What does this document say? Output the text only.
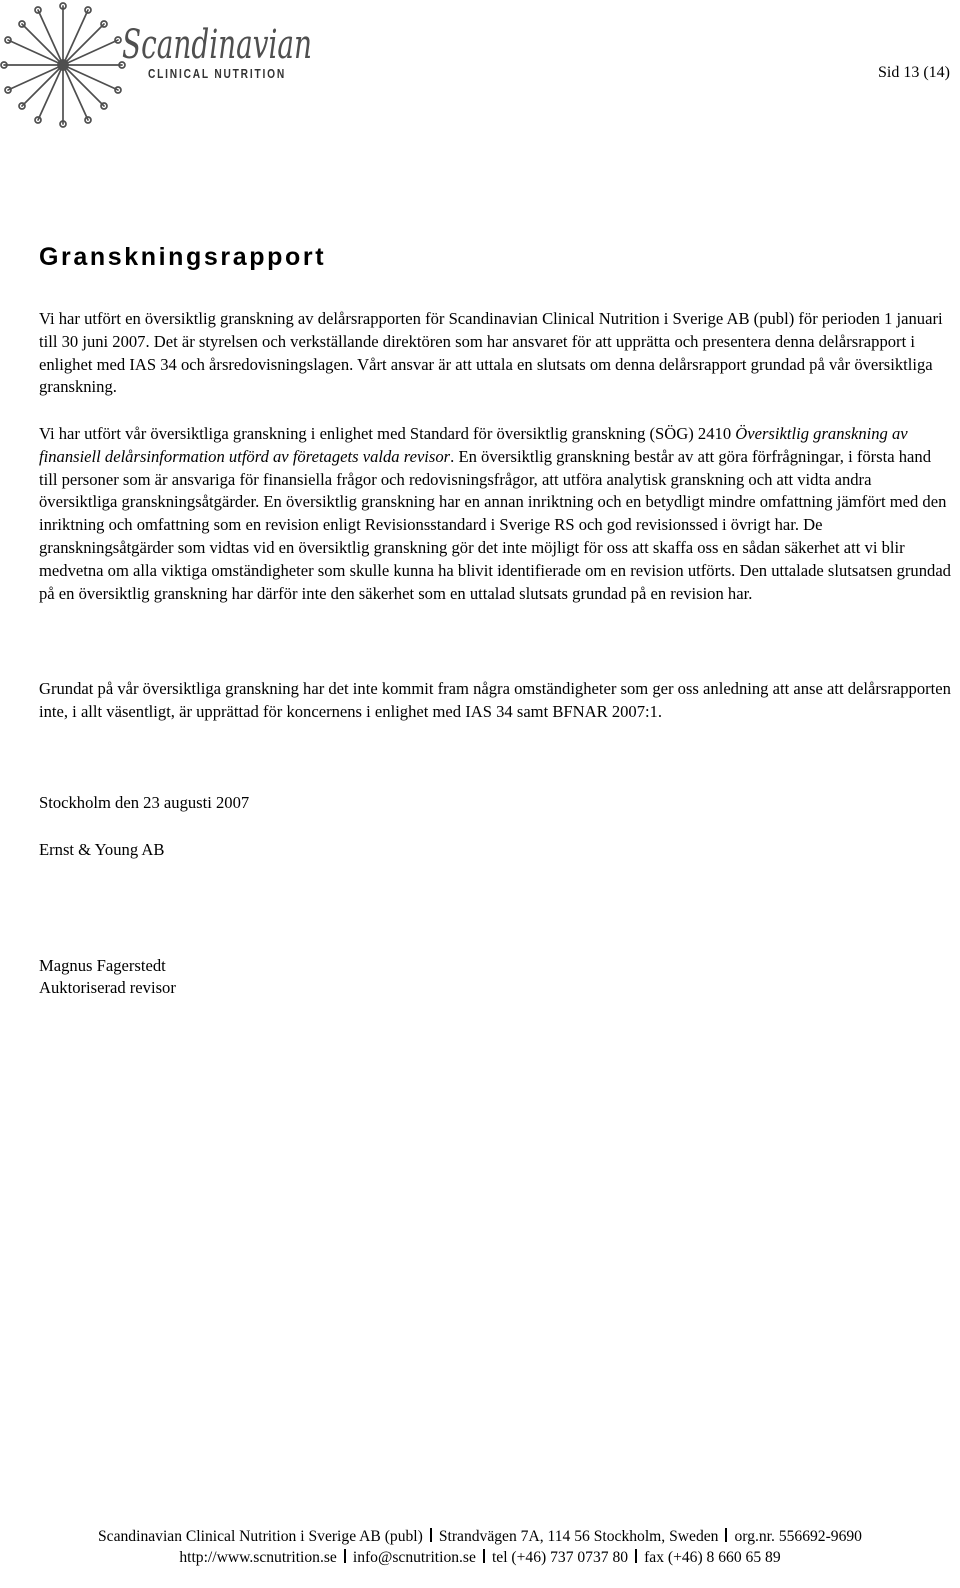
Scandinavian
CLINICAL NUTRITION	Sid 13 (14)
Granskningsrapport

Vi har utfört en översiktlig granskning av delårsrapporten för Scandinavian Clinical Nutrition i Sverige AB (publ) för perioden 1 januari till 30 juni 2007. Det är styrelsen och verkställande direktören som har ansvaret för att upprätta och presentera denna delårsrapport i enlighet med IAS 34 och årsredovisningslagen. Vårt ansvar är att uttala en slutsats om denna delårsrapport grundad på vår översiktliga granskning.

Vi har utfört vår översiktliga granskning i enlighet med Standard för översiktlig granskning (SÖG) 2410 Översiktlig granskning av finansiell delårsinformation utförd av företagets valda revisor. En översiktlig granskning består av att göra förfrågningar, i första hand till personer som är ansvariga för finansiella frågor och redovisningsfrågor, att utföra analytisk granskning och att vidta andra översiktliga granskningsåtgärder. En översiktlig granskning har en annan inriktning och en betydligt mindre omfattning jämfört med den inriktning och omfattning som en revision enligt Revisionsstandard i Sverige RS och god revisionssed i övrigt har. De granskningsåtgärder som vidtas vid en översiktlig granskning gör det inte möjligt för oss att skaffa oss en sådan säkerhet att vi blir medvetna om alla viktiga omständigheter som skulle kunna ha blivit identifierade om en revision utförts. Den uttalade slutsatsen grundad på en översiktlig granskning har därför inte den säkerhet som en uttalad slutsats grundad på en revision har.

Grundat på vår översiktliga granskning har det inte kommit fram några omständigheter som ger oss anledning att anse att delårsrapporten inte, i allt väsentligt, är upprättad för koncernens i enlighet med IAS 34 samt BFNAR 2007:1.

Stockholm den 23 augusti 2007
Ernst & Young AB
Magnus Fagerstedt
Auktoriserad revisor
Scandinavian Clinical Nutrition i Sverige AB (publ) Strandvägen 7A, 114 56 Stockholm, Sweden org.nr. 556692-9690
http://www.scnutrition.se info@scnutrition.se tel (+46) 737 0737 80 fax (+46) 8 660 65 89
